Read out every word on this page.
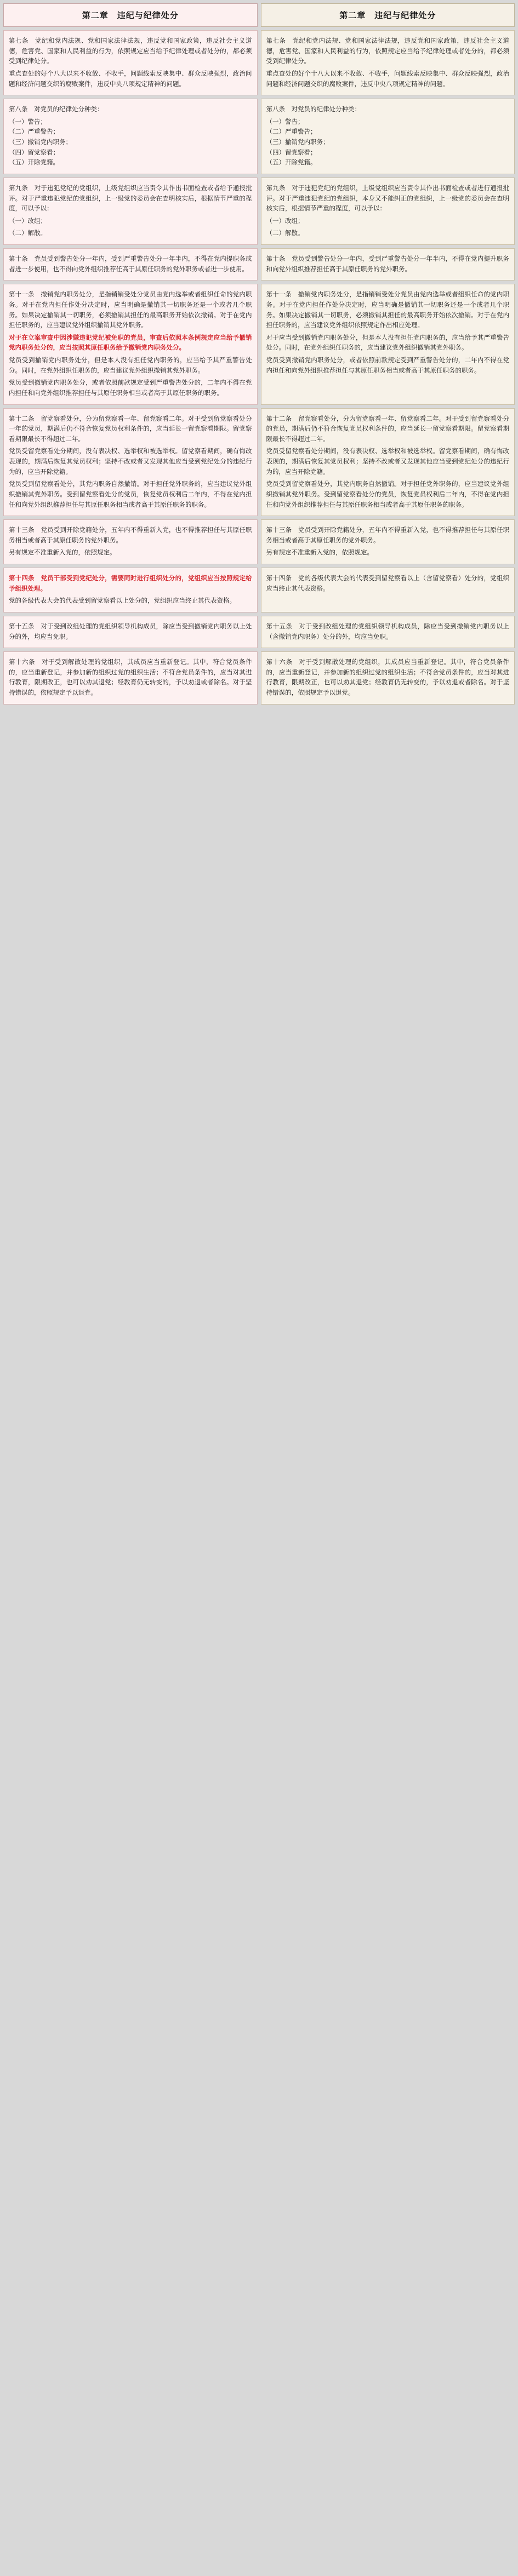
第二章　违纪与纪律处分	第二章　违纪与纪律处分

第七条　党纪和党内法规、党和国家法律法规，违反党和国家政策，违反社会主义道德，危害党、国家和人民利益的行为，依照规定应当给予纪律处理或者处分的，都必须受到纪律处分。

重点查处的好个八大以来不收敛、不收手，问题线索反映集中、群众反映强烈，政治问题和经济问题交织的腐败案件，违反中央八项规定精神的问题。

第七条　党纪和党内法规、党和国家法律法规，违反党和国家政策，违反社会主义道德，危害党、国家和人民利益的行为，依照规定应当给予纪律处理或者处分的，都必须受到纪律处分。

重点查处的好个十八大以来不收敛、不收手，问题线索反映集中、群众反映强烈，政治问题和经济问题交织的腐败案件，违反中央八项规定精神的问题。

第八条　对党员的纪律处分种类：

（一）警告；

（二）严重警告；

（三）撤销党内职务；

（四）留党察看；

（五）开除党籍。

第八条　对党员的纪律处分种类：

（一）警告；

（二）严重警告；

（三）撤销党内职务；

（四）留党察看；

（五）开除党籍。

第九条　对于违犯党纪的党组织，上级党组织应当责令其作出书面检查或者给予通报批评。对于严重违犯党纪的党组织，上一级党的委员会在查明核实后，根据情节严重的程度，可以予以：

（一）改组；

（二）解散。

第九条　对于违犯党纪的党组织，上级党组织应当责令其作出书面检查或者进行通报批评。对于严重违犯党纪的党组织，本身又不能纠正的党组织，上一级党的委员会在查明核实后，根据情节严重的程度，可以予以：

（一）改组；

（二）解散。

第十条　党员受到警告处分一年内，受到严重警告处分一年半内，不得在党内提职务或者进一步使用，也不得向党外组织推荐任高于其原任职务的党外职务或者进一步使用。

第十条　党员受到警告处分一年内，受到严重警告处分一年半内，不得在党内提升职务和向党外组织推荐担任高于其原任职务的党外职务。

第十一条　撤销党内职务处分，是指销销受处分党员由党内选举或者组织任命的党内职务。对于在党内担任作处分决定时，应当明确是撤销其一切职务还是一个或者几个职务。如果决定撤销其一切职务，必须撤销其担任的最高职务开始依次撤销。对于在党内担任职务的，应当建议党外组织撤销其党外职务。

对于在立案审查中因涉嫌违犯党纪被免职的党员，审查后依照本条例规定应当给予撤销党内职务处分的，应当按照其原任职务给予撤销党内职务处分。

党员受到撤销党内职务处分，但是本人没有担任党内职务的，应当给予其严重警告处分。同时，在党外组织任职务的，应当建议党外组织撤销其党外职务。

党员受到撤销党内职务处分，或者依照前款规定受到严重警告处分的，二年内不得在党内担任和向党外组织推荐担任与其原任职务相当或者高于其原任职务的职务。

第十一条　撤销党内职务处分，是指销销受处分党员由党内选举或者组织任命的党内职务。对于在党内担任作处分决定时，应当明确是撤销其一切职务还是一个或者几个职务。如果决定撤销其一切职务，必须撤销其担任的最高职务开始依次撤销。对于在党内担任职务的，应当建议党外组织依照规定作出相应处理。

对于应当受到撤销党内职务处分，但是本人没有担任党内职务的，应当给予其严重警告处分。同时，在党外组织任职务的，应当建议党外组织撤销其党外职务。

党员受到撤销党内职务处分，或者依照前款规定受到严重警告处分的，二年内不得在党内担任和向党外组织推荐担任与其原任职务相当或者高于其原任职务的职务。

第十二条　留党察看处分，分为留党察看一年、留党察看二年。对于受到留党察看处分一年的党员，期满后仍不符合恢复党员权利条件的，应当延长一留党察看期限。留党察看期限最长不得超过二年。

党员受留党察看处分期间，没有表决权、选举权和被选举权。留党察看期间，确有悔改表现的，期满后恢复其党员权利；坚持不改或者又发现其他应当受到党纪处分的违纪行为的，应当开除党籍。

党员受到留党察看处分，其党内职务自然撤销。对于担任党外职务的，应当建议党外组织撤销其党外职务。受到留党察看处分的党员，恢复党员权利后二年内，不得在党内担任和向党外组织推荐担任与其原任职务相当或者高于其原任职务的职务。

第十二条　留党察看处分，分为留党察看一年、留党察看二年。对于受到留党察看处分的党员，期满后仍不符合恢复党员权利条件的，应当延长一留党察看期限。留党察看期限最长不得超过二年。

党员受留党察看处分期间，没有表决权、选举权和被选举权。留党察看期间，确有悔改表现的，期满后恢复其党员权利；坚持不改或者又发现其他应当受到党纪处分的违纪行为的，应当开除党籍。

党员受到留党察看处分，其党内职务自然撤销。对于担任党外职务的，应当建议党外组织撤销其党外职务。受到留党察看处分的党员，恢复党员权利后二年内，不得在党内担任和向党外组织推荐担任与其原任职务相当或者高于其原任职务的职务。

第十三条　党员受到开除党籍处分，五年内不得重新入党，也不得推荐担任与其原任职务相当或者高于其原任职务的党外职务。

另有规定不准重新入党的，依照规定。

第十三条　党员受到开除党籍处分，五年内不得重新入党，也不得推荐担任与其原任职务相当或者高于其原任职务的党外职务。

另有规定不准重新入党的，依照规定。

第十四条　党员干部受到党纪处分，需要同时进行组织处分的，党组织应当按照规定给予组织处理。

党的各级代表大会的代表受到留党察看以上处分的，党组织应当终止其代表资格。

第十四条　党的各级代表大会的代表受到留党察看以上（含留党察看）处分的，党组织应当终止其代表资格。

第十五条　对于受到改组处理的党组织领导机构成员，除应当受到撤销党内职务以上处分的外，均应当免职。

第十五条　对于受到改组处理的党组织领导机构成员，除应当受到撤销党内职务以上（含撤销党内职务）处分的外，均应当免职。

第十六条　对于受到解散处理的党组织，其成员应当重新登记。其中，符合党员条件的，应当重新登记，并参加新的组织过党的组织生活；不符合党员条件的，应当对其进行教育，限期改正，也可以劝其退党；经教育仍无转变的，予以劝退或者除名。对于坚持错误的，依照规定予以退党。

第十六条　对于受到解散处理的党组织，其成员应当重新登记。其中，符合党员条件的，应当重新登记，并参加新的组织过党的组织生活；不符合党员条件的，应当对其进行教育，限期改正，也可以劝其退党；经教育仍无转变的，予以劝退或者除名。对于坚持错误的，依照规定予以退党。
